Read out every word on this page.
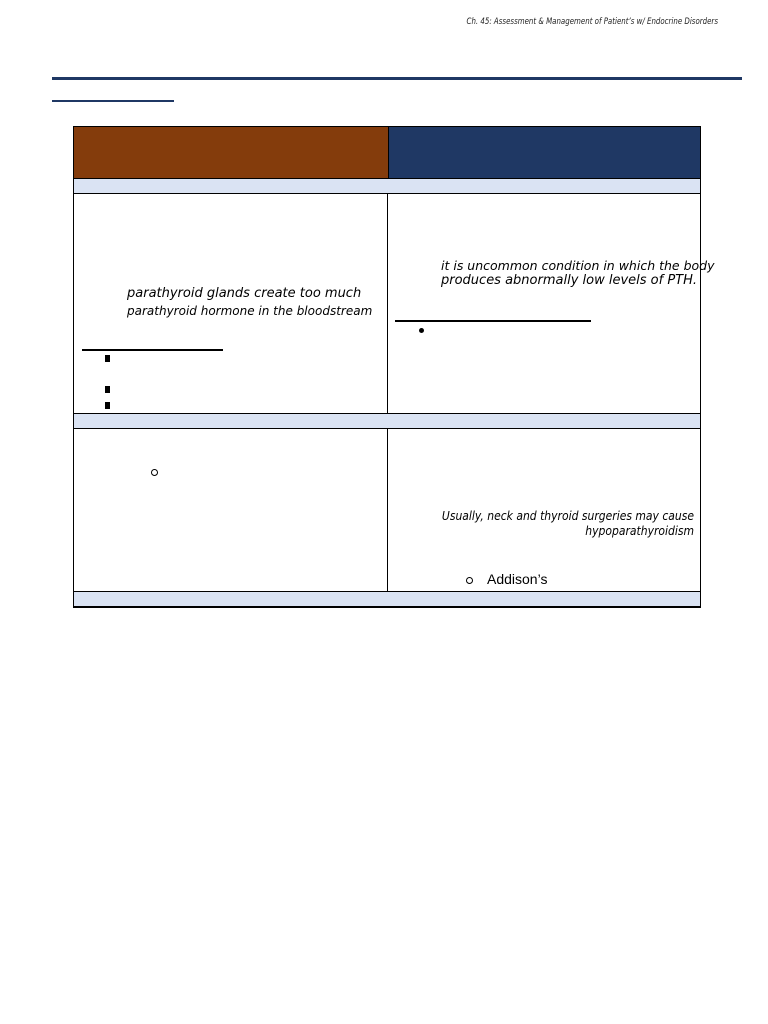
Ch. 45: Assessment & Management of Patient’s w/ Endocrine Disorders
parathyroid glands create too much
parathyroid hormone in the bloodstream
it is uncommon condition in which the body
produces abnormally low levels of PTH.
Usually, neck and thyroid surgeries may cause
hypoparathyroidism
Addison’s
